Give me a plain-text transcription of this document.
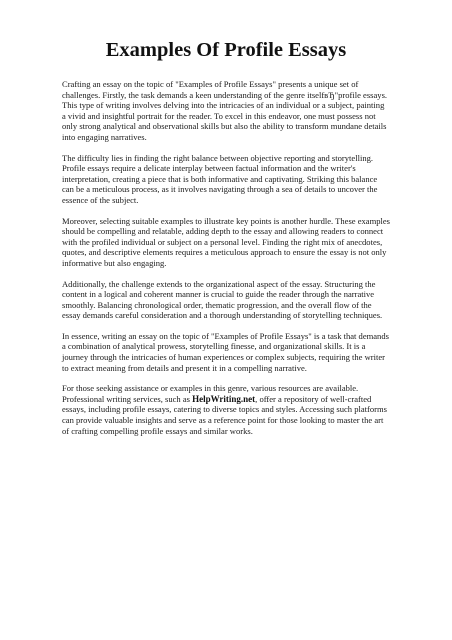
Examples Of Profile Essays

Crafting an essay on the topic of "Examples of Profile Essays" presents a unique set of challenges. Firstly, the task demands a keen understanding of the genre itselfвЂ"profile essays. This type of writing involves delving into the intricacies of an individual or a subject, painting a vivid and insightful portrait for the reader. To excel in this endeavor, one must possess not only strong analytical and observational skills but also the ability to transform mundane details into engaging narratives.

The difficulty lies in finding the right balance between objective reporting and storytelling. Profile essays require a delicate interplay between factual information and the writer's interpretation, creating a piece that is both informative and captivating. Striking this balance can be a meticulous process, as it involves navigating through a sea of details to uncover the essence of the subject.

Moreover, selecting suitable examples to illustrate key points is another hurdle. These examples should be compelling and relatable, adding depth to the essay and allowing readers to connect with the profiled individual or subject on a personal level. Finding the right mix of anecdotes, quotes, and descriptive elements requires a meticulous approach to ensure the essay is not only informative but also engaging.

Additionally, the challenge extends to the organizational aspect of the essay. Structuring the content in a logical and coherent manner is crucial to guide the reader through the narrative smoothly. Balancing chronological order, thematic progression, and the overall flow of the essay demands careful consideration and a thorough understanding of storytelling techniques.

In essence, writing an essay on the topic of "Examples of Profile Essays" is a task that demands a combination of analytical prowess, storytelling finesse, and organizational skills. It is a journey through the intricacies of human experiences or complex subjects, requiring the writer to extract meaning from details and present it in a compelling narrative.

For those seeking assistance or examples in this genre, various resources are available. Professional writing services, such as HelpWriting.net, offer a repository of well-crafted essays, including profile essays, catering to diverse topics and styles. Accessing such platforms can provide valuable insights and serve as a reference point for those looking to master the art of crafting compelling profile essays and similar works.
